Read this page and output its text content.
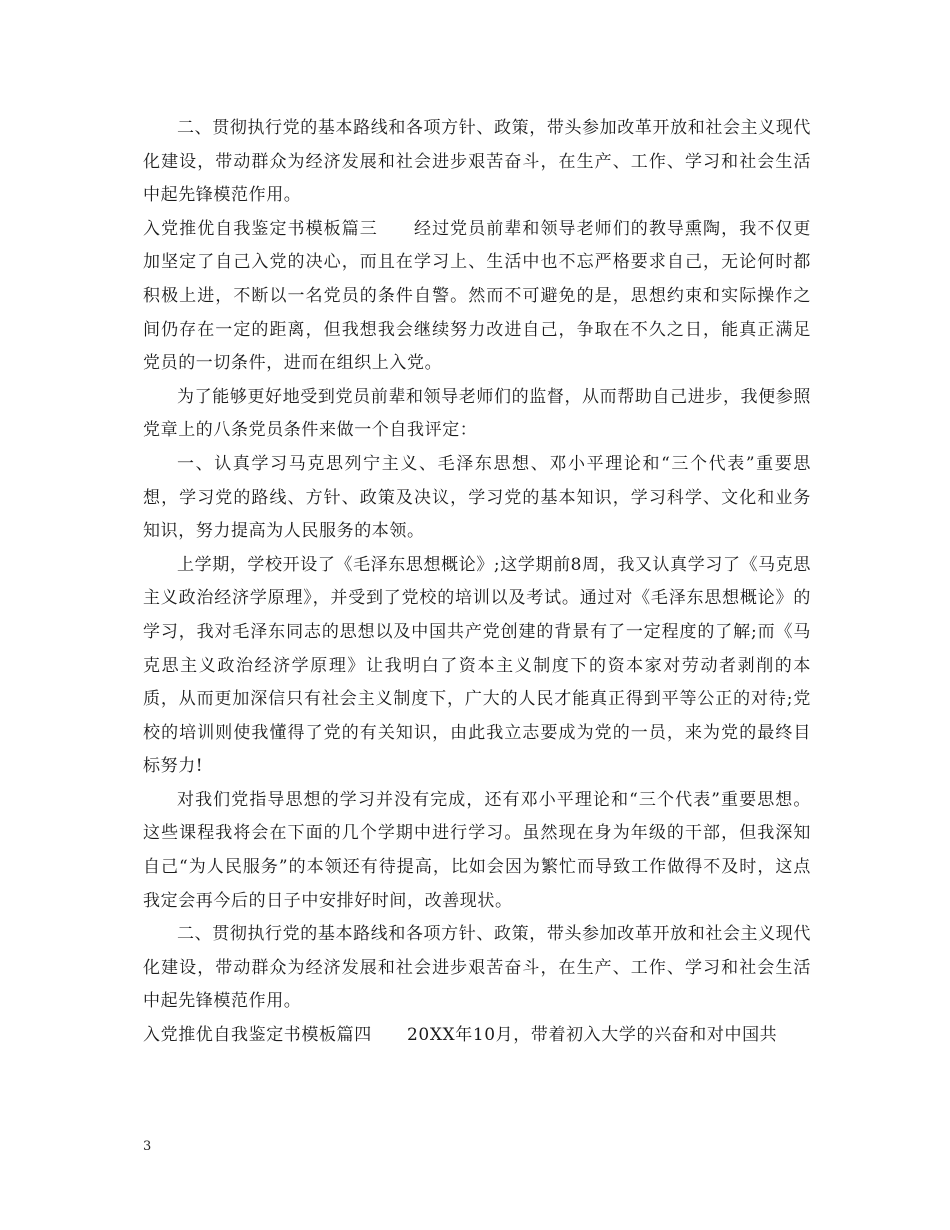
二、贯彻执行党的基本路线和各项方针、政策，带头参加改革开放和社会主义现代化建设，带动群众为经济发展和社会进步艰苦奋斗，在生产、工作、学习和社会生活中起先锋模范作用。

入党推优自我鉴定书模板篇三　　经过党员前辈和领导老师们的教导熏陶，我不仅更加坚定了自己入党的决心，而且在学习上、生活中也不忘严格要求自己，无论何时都积极上进，不断以一名党员的条件自警。然而不可避免的是，思想约束和实际操作之间仍存在一定的距离，但我想我会继续努力改进自己，争取在不久之日，能真正满足党员的一切条件，进而在组织上入党。

为了能够更好地受到党员前辈和领导老师们的监督，从而帮助自己进步，我便参照党章上的八条党员条件来做一个自我评定：

一、认真学习马克思列宁主义、毛泽东思想、邓小平理论和“三个代表”重要思想，学习党的路线、方针、政策及决议，学习党的基本知识，学习科学、文化和业务知识，努力提高为人民服务的本领。

上学期，学校开设了《毛泽东思想概论》;这学期前8周，我又认真学习了《马克思主义政治经济学原理》，并受到了党校的培训以及考试。通过对《毛泽东思想概论》的学习，我对毛泽东同志的思想以及中国共产党创建的背景有了一定程度的了解;而《马克思主义政治经济学原理》让我明白了资本主义制度下的资本家对劳动者剥削的本质，从而更加深信只有社会主义制度下，广大的人民才能真正得到平等公正的对待;党校的培训则使我懂得了党的有关知识，由此我立志要成为党的一员，来为党的最终目标努力!

对我们党指导思想的学习并没有完成，还有邓小平理论和“三个代表”重要思想。这些课程我将会在下面的几个学期中进行学习。虽然现在身为年级的干部，但我深知自己“为人民服务”的本领还有待提高，比如会因为繁忙而导致工作做得不及时，这点我定会再今后的日子中安排好时间，改善现状。

二、贯彻执行党的基本路线和各项方针、政策，带头参加改革开放和社会主义现代化建设，带动群众为经济发展和社会进步艰苦奋斗，在生产、工作、学习和社会生活中起先锋模范作用。

入党推优自我鉴定书模板篇四　　20XX年10月，带着初入大学的兴奋和对中国共

3
